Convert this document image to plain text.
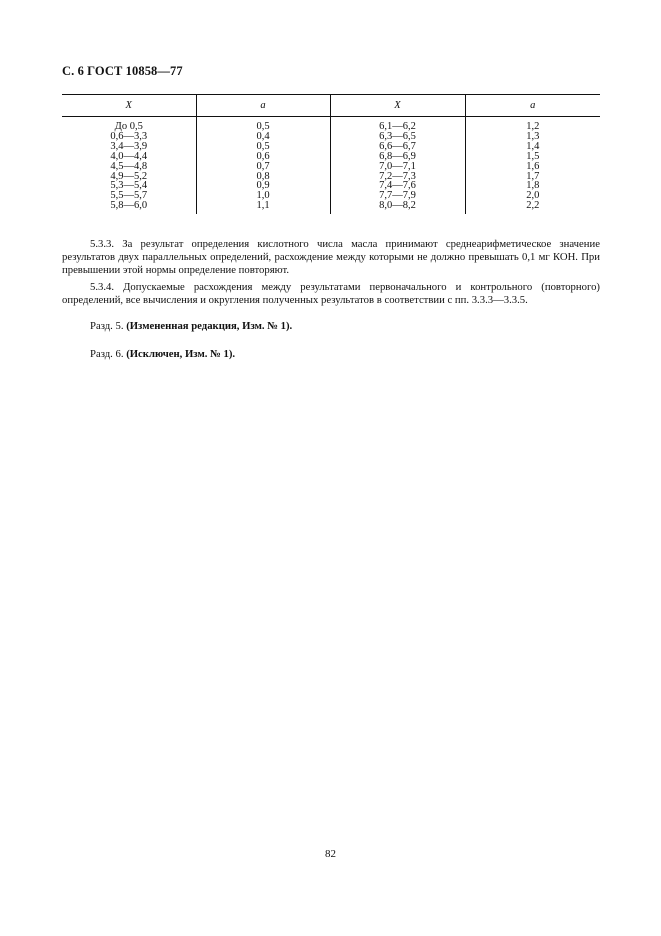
С. 6 ГОСТ 10858—77
X	a	X	a
До 0,5	0,5	6,1—6,2	1,2
0,6—3,3	0,4	6,3—6,5	1,3
3,4—3,9	0,5	6,6—6,7	1,4
4,0—4,4	0,6	6,8—6,9	1,5
4,5—4,8	0,7	7,0—7,1	1,6
4,9—5,2	0,8	7,2—7,3	1,7
5,3—5,4	0,9	7,4—7,6	1,8
5,5—5,7	1,0	7,7—7,9	2,0
5,8—6,0	1,1	8,0—8,2	2,2
5.3.3. За результат определения кислотного числа масла принимают среднеарифметическое значение результатов двух параллельных определений, расхождение между которыми не должно превышать 0,1 мг КОН. При превышении этой нормы определение повторяют.
5.3.4. Допускаемые расхождения между результатами первоначального и контрольного (повторного) определений, все вычисления и округления полученных результатов в соответствии с пп. 3.3.3—3.3.5.
Разд. 5. (Измененная редакция, Изм. № 1).
Разд. 6. (Исключен, Изм. № 1).
82
